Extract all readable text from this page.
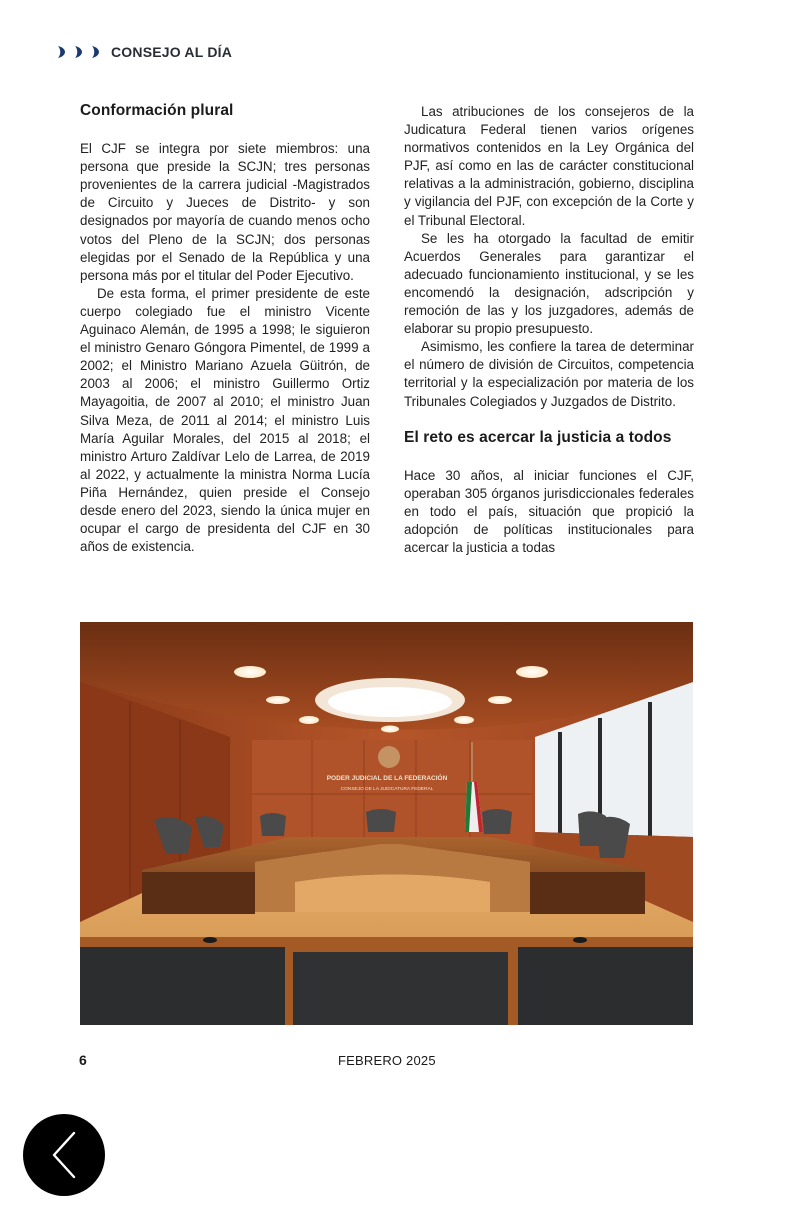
CONSEJO AL DÍA
Conformación plural

El CJF se integra por siete miembros: una persona que preside la SCJN; tres personas provenientes de la carrera judicial -Magistrados de Circuito y Jueces de Distrito- y son designados por mayoría de cuando menos ocho votos del Pleno de la SCJN; dos personas elegidas por el Senado de la República y una persona más por el titular del Poder Ejecutivo.

De esta forma, el primer presidente de este cuerpo colegiado fue el ministro Vicente Aguinaco Alemán, de 1995 a 1998; le siguieron el ministro Genaro Góngora Pimentel, de 1999 a 2002; el Ministro Mariano Azuela Güitrón, de 2003 al 2006; el ministro Guillermo Ortiz Mayagoitia, de 2007 al 2010; el ministro Juan Silva Meza, de 2011 al 2014; el ministro Luis María Aguilar Morales, del 2015 al 2018; el ministro Arturo Zaldívar Lelo de Larrea, de 2019 al 2022, y actualmente la ministra Norma Lucía Piña Hernández, quien preside el Consejo desde enero del 2023, siendo la única mujer en ocupar el cargo de presidenta del CJF en 30 años de existencia.

Las atribuciones de los consejeros de la Judicatura Federal tienen varios orígenes normativos contenidos en la Ley Orgánica del PJF, así como en las de carácter constitucional relativas a la administración, gobierno, disciplina y vigilancia del PJF, con excepción de la Corte y el Tribunal Electoral.

Se les ha otorgado la facultad de emitir Acuerdos Generales para garantizar el adecuado funcionamiento institucional, y se les encomendó la designación, adscripción y remoción de las y los juzgadores, además de elaborar su propio presupuesto.

Asimismo, les confiere la tarea de determinar el número de división de Circuitos, competencia territorial y la especialización por materia de los Tribunales Colegiados y Juzgados de Distrito.

El reto es acercar la justicia a todos

Hace 30 años, al iniciar funciones el CJF, operaban 305 órganos jurisdiccionales federales en todo el país, situación que propició la adopción de políticas institucionales para acercar la justicia a todas

PODER JUDICIAL DE LA FEDERACIÓN
CONSEJO DE LA JUDICATURA FEDERAL
6	FEBRERO 2025
